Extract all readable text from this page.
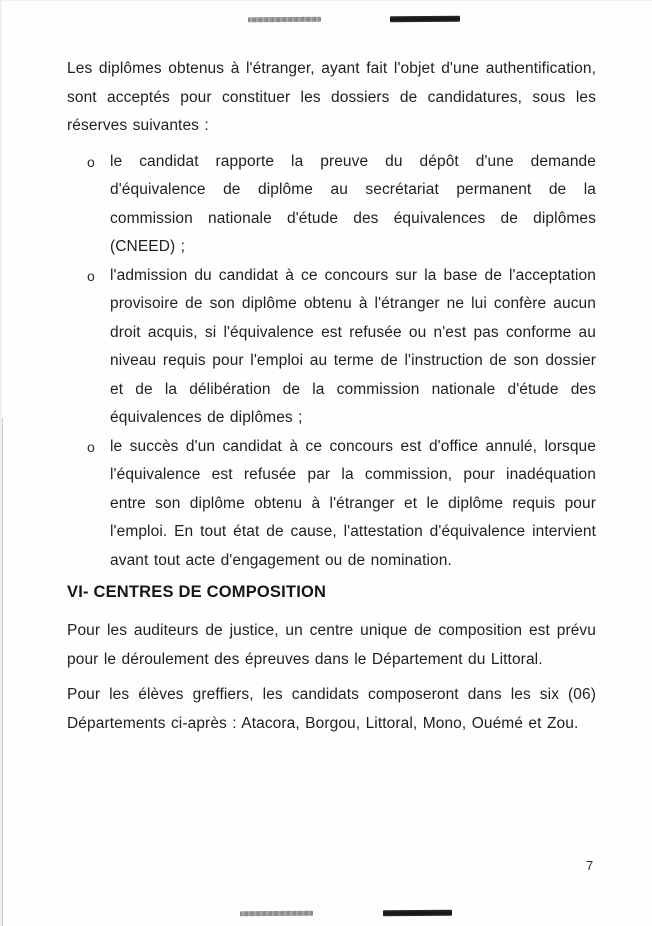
Les diplômes obtenus à l'étranger, ayant fait l'objet d'une authentification, sont acceptés pour constituer les dossiers de candidatures, sous les réserves suivantes :

o le candidat rapporte la preuve du dépôt d'une demande d'équivalence de diplôme au secrétariat permanent de la commission nationale d'étude des équivalences de diplômes (CNEED) ;
o l'admission du candidat à ce concours sur la base de l'acceptation provisoire de son diplôme obtenu à l'étranger ne lui confère aucun droit acquis, si l'équivalence est refusée ou n'est pas conforme au niveau requis pour l'emploi au terme de l'instruction de son dossier et de la délibération de la commission nationale d'étude des équivalences de diplômes ;
o le succès d'un candidat à ce concours est d'office annulé, lorsque l'équivalence est refusée par la commission, pour inadéquation entre son diplôme obtenu à l'étranger et le diplôme requis pour l'emploi. En tout état de cause, l'attestation d'équivalence intervient avant tout acte d'engagement ou de nomination.
VI- CENTRES DE COMPOSITION

Pour les auditeurs de justice, un centre unique de composition est prévu pour le déroulement des épreuves dans le Département du Littoral.

Pour les élèves greffiers, les candidats composeront dans les six (06) Départements ci-après : Atacora, Borgou, Littoral, Mono, Ouémé et Zou.

7
